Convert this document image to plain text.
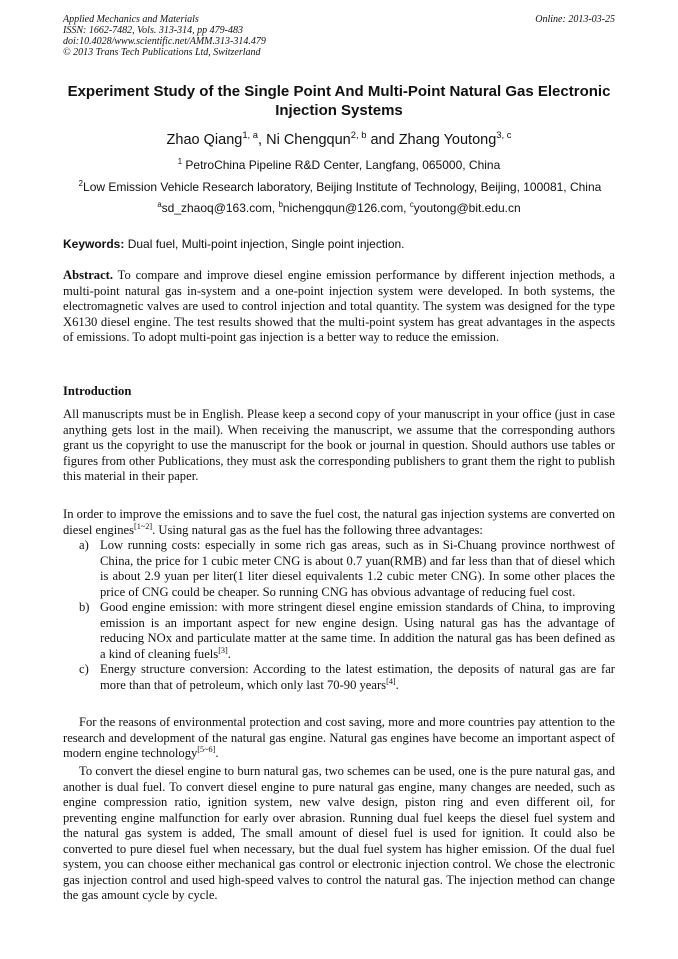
Applied Mechanics and Materials
ISSN: 1662-7482, Vols. 313-314, pp 479-483
doi:10.4028/www.scientific.net/AMM.313-314.479
© 2013 Trans Tech Publications Ltd, Switzerland
Online: 2013-03-25
Experiment Study of the Single Point And Multi-Point Natural Gas Electronic Injection Systems
Zhao Qiang$^{1, a}$, Ni Chengqun$^{2, b}$ and Zhang Youtong$^{3, c}$
$^1$ PetroChina Pipeline R&D Center, Langfang, 065000, China
$^2$Low Emission Vehicle Research laboratory, Beijing Institute of Technology, Beijing, 100081, China
$^a$sd_zhaoq@163.com, $^b$nichengqun@126.com, $^c$youtong@bit.edu.cn
Keywords: Dual fuel, Multi-point injection, Single point injection.
Abstract. To compare and improve diesel engine emission performance by different injection methods, a multi-point natural gas in-system and a one-point injection system were developed. In both systems, the electromagnetic valves are used to control injection and total quantity. The system was designed for the type X6130 diesel engine. The test results showed that the multi-point system has great advantages in the aspects of emissions. To adopt multi-point gas injection is a better way to reduce the emission.
Introduction
All manuscripts must be in English. Please keep a second copy of your manuscript in your office (just in case anything gets lost in the mail). When receiving the manuscript, we assume that the corresponding authors grant us the copyright to use the manuscript for the book or journal in question. Should authors use tables or figures from other Publications, they must ask the corresponding publishers to grant them the right to publish this material in their paper.
In order to improve the emissions and to save the fuel cost, the natural gas injection systems are converted on diesel engines[1~2]. Using natural gas as the fuel has the following three advantages:
a) Low running costs: especially in some rich gas areas, such as in Si-Chuang province northwest of China, the price for 1 cubic meter CNG is about 0.7 yuan(RMB) and far less than that of diesel which is about 2.9 yuan per liter(1 liter diesel equivalents 1.2 cubic meter CNG). In some other places the price of CNG could be cheaper. So running CNG has obvious advantage of reducing fuel cost.
b) Good engine emission: with more stringent diesel engine emission standards of China, to improving emission is an important aspect for new engine design. Using natural gas has the advantage of reducing NOx and particulate matter at the same time. In addition the natural gas has been defined as a kind of cleaning fuels[3].
c) Energy structure conversion: According to the latest estimation, the deposits of natural gas are far more than that of petroleum, which only last 70-90 years[4].
For the reasons of environmental protection and cost saving, more and more countries pay attention to the research and development of the natural gas engine. Natural gas engines have become an important aspect of modern engine technology[5~6].
To convert the diesel engine to burn natural gas, two schemes can be used, one is the pure natural gas, and another is dual fuel. To convert diesel engine to pure natural gas engine, many changes are needed, such as engine compression ratio, ignition system, new valve design, piston ring and even different oil, for preventing engine malfunction for early over abrasion. Running dual fuel keeps the diesel fuel system and the natural gas system is added, The small amount of diesel fuel is used for ignition. It could also be converted to pure diesel fuel when necessary, but the dual fuel system has higher emission. Of the dual fuel system, you can choose either mechanical gas control or electronic injection control. We chose the electronic gas injection control and used high-speed valves to control the natural gas. The injection method can change the gas amount cycle by cycle.
